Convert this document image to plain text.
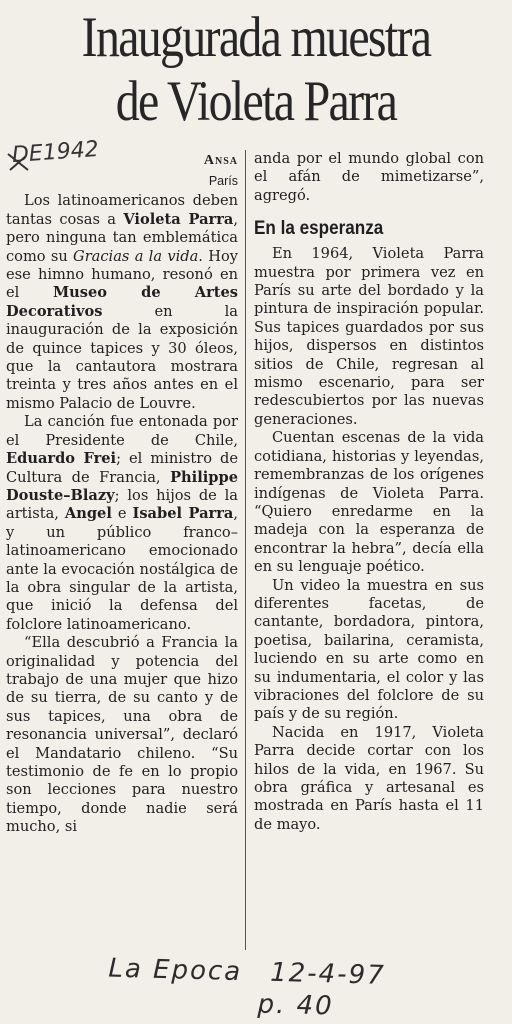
Inaugurada muestra
de Violeta Parra
DE1942	Ansa
París

Los latinoamericanos deben tantas cosas a Violeta Parra, pero ninguna tan emblemática como su Gracias a la vida. Hoy ese himno humano, resonó en el Museo de Artes Decorativos en la inauguración de la exposición de quince tapices y 30 óleos, que la cantautora mostrara treinta y tres años antes en el mismo Palacio de Louvre.

La canción fue entonada por el Presidente de Chile, Eduardo Frei; el ministro de Cultura de Francia, Philippe Douste–Blazy; los hijos de la artista, Angel e Isabel Parra, y un público franco–latinoamericano emocionado ante la evocación nostálgica de la obra singular de la artista, que inició la defensa del folclore latinoamericano.

“Ella descubrió a Francia la originalidad y potencia del trabajo de una mujer que hizo de su tierra, de su canto y de sus tapices, una obra de resonancia universal”, declaró el Mandatario chileno. “Su testimonio de fe en lo propio son lecciones para nuestro tiempo, donde nadie será mucho, si

anda por el mundo global con el afán de mimetizarse”, agregó.

En la esperanza

En 1964, Violeta Parra muestra por primera vez en París su arte del bordado y la pintura de inspiración popular. Sus tapices guardados por sus hijos, dispersos en distintos sitios de Chile, regresan al mismo escenario, para ser redescubiertos por las nuevas generaciones.

Cuentan escenas de la vida cotidiana, historias y leyendas, remembranzas de los orígenes indígenas de Violeta Parra. “Quiero enredarme en la madeja con la esperanza de encontrar la hebra”, decía ella en su lenguaje poético.

Un video la muestra en sus diferentes facetas, de cantante, bordadora, pintora, poetisa, bailarina, ceramista, luciendo en su arte como en su indumentaria, el color y las vibraciones del folclore de su país y de su región.

Nacida en 1917, Violeta Parra decide cortar con los hilos de la vida, en 1967. Su obra gráfica y artesanal es mostrada en París hasta el 11 de mayo.

La Epoca 12-4-97
p. 40
